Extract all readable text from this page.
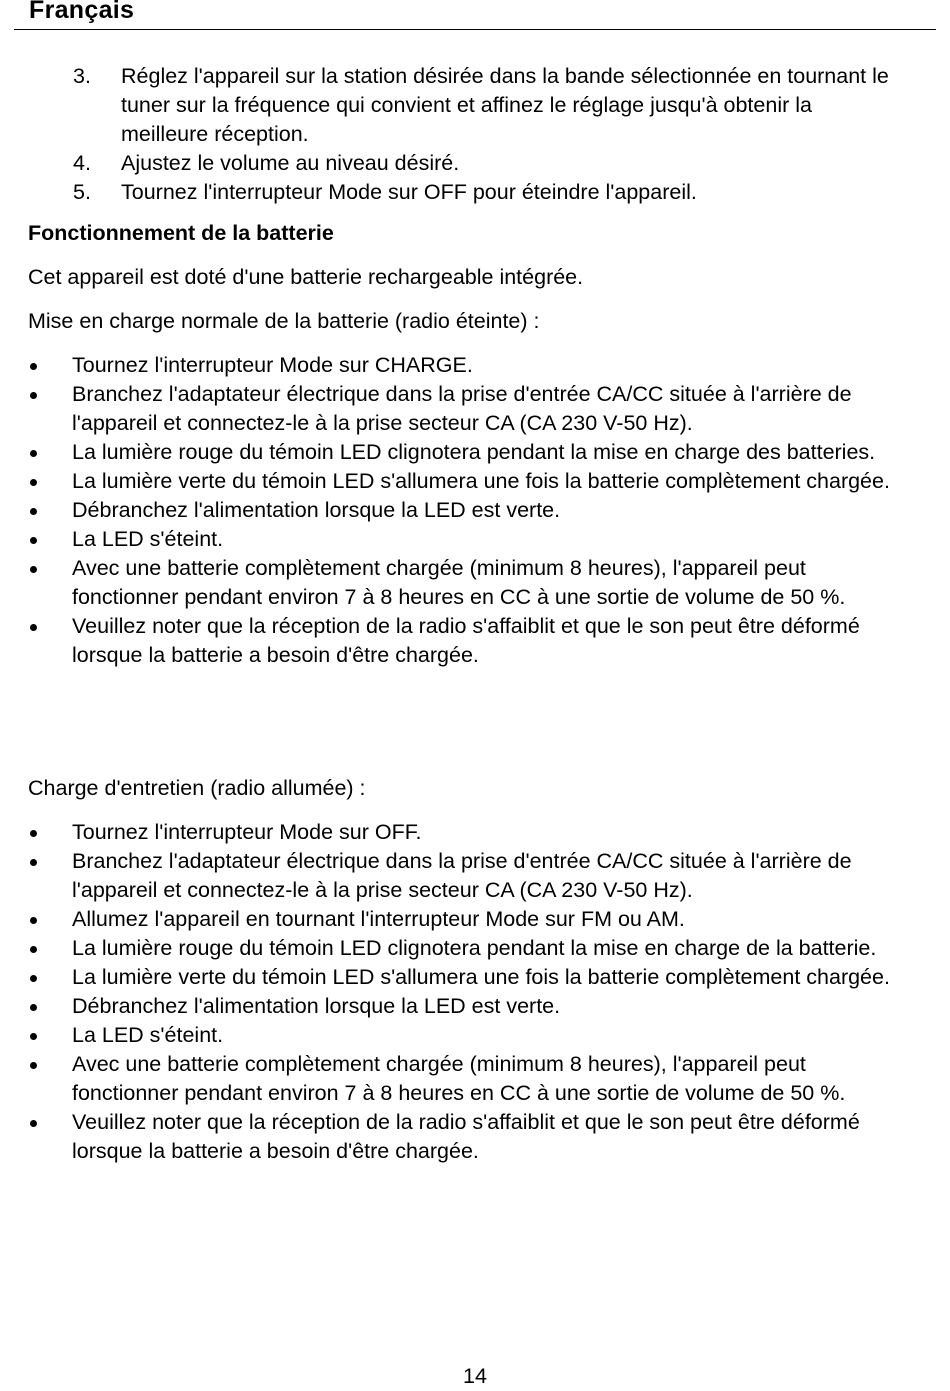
Français
3. Réglez l'appareil sur la station désirée dans la bande sélectionnée en tournant le tuner sur la fréquence qui convient et affinez le réglage jusqu'à obtenir la meilleure réception.
4. Ajustez le volume au niveau désiré.
5. Tournez l'interrupteur Mode sur OFF pour éteindre l'appareil.
Fonctionnement de la batterie
Cet appareil est doté d'une batterie rechargeable intégrée.
Mise en charge normale de la batterie (radio éteinte) :
Tournez l'interrupteur Mode sur CHARGE.
Branchez l'adaptateur électrique dans la prise d'entrée CA/CC située à l'arrière de l'appareil et connectez-le à la prise secteur CA (CA 230 V-50 Hz).
La lumière rouge du témoin LED clignotera pendant la mise en charge des batteries.
La lumière verte du témoin LED s'allumera une fois la batterie complètement chargée.
Débranchez l'alimentation lorsque la LED est verte.
La LED s'éteint.
Avec une batterie complètement chargée (minimum 8 heures), l'appareil peut fonctionner pendant environ 7 à 8 heures en CC à une sortie de volume de 50 %.
Veuillez noter que la réception de la radio s'affaiblit et que le son peut être déformé lorsque la batterie a besoin d'être chargée.
Charge d'entretien (radio allumée) :
Tournez l'interrupteur Mode sur OFF.
Branchez l'adaptateur électrique dans la prise d'entrée CA/CC située à l'arrière de l'appareil et connectez-le à la prise secteur CA (CA 230 V-50 Hz).
Allumez l'appareil en tournant l'interrupteur Mode sur FM ou AM.
La lumière rouge du témoin LED clignotera pendant la mise en charge de la batterie.
La lumière verte du témoin LED s'allumera une fois la batterie complètement chargée.
Débranchez l'alimentation lorsque la LED est verte.
La LED s'éteint.
Avec une batterie complètement chargée (minimum 8 heures), l'appareil peut fonctionner pendant environ 7 à 8 heures en CC à une sortie de volume de 50 %.
Veuillez noter que la réception de la radio s'affaiblit et que le son peut être déformé lorsque la batterie a besoin d'être chargée.
14
